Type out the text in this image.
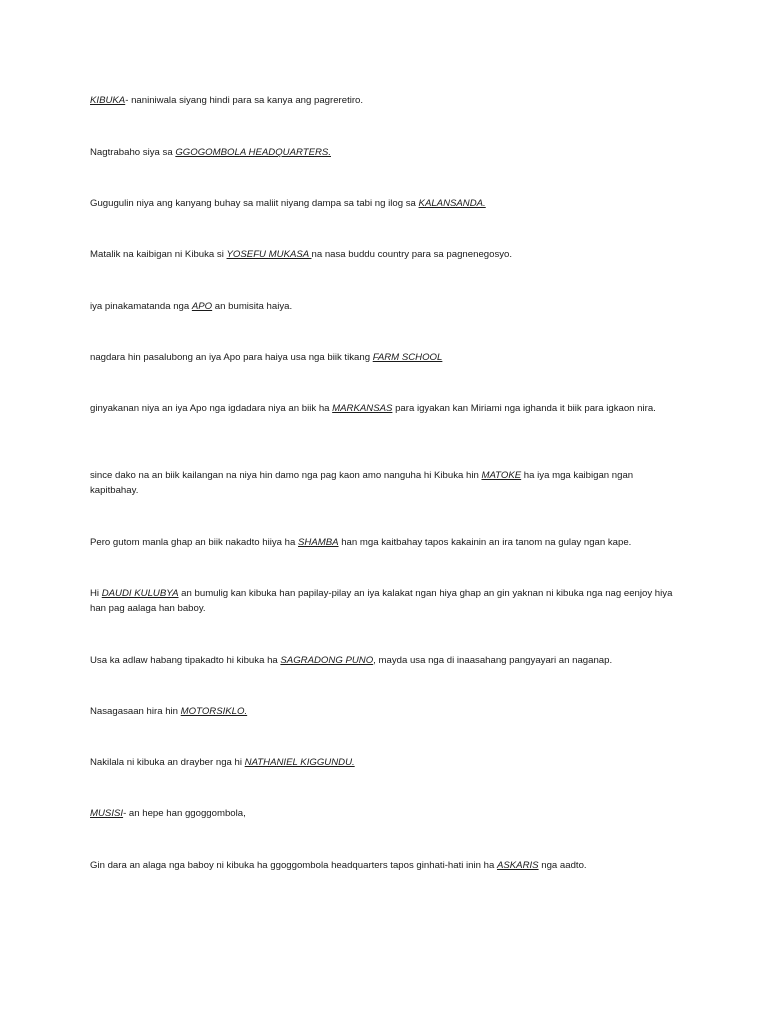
KIBUKA- naniniwala siyang hindi para sa kanya ang pagreretiro.

Nagtrabaho siya sa GGOGOMBOLA HEADQUARTERS.

Gugugulin niya ang kanyang buhay sa maliit niyang dampa sa tabi ng ilog sa KALANSANDA.

Matalik na kaibigan ni Kibuka si YOSEFU MUKASA na nasa buddu country para sa pagnenegosyo.

iya pinakamatanda nga APO an bumisita haiya.

nagdara hin pasalubong an iya Apo para haiya usa nga biik tikang FARM SCHOOL

ginyakanan niya an iya Apo nga igdadara niya an biik ha MARKANSAS para igyakan kan Miriami nga ighanda it biik para igkaon nira.

since dako na an biik kailangan na niya hin damo nga pag kaon amo nanguha hi Kibuka hin MATOKE ha iya mga kaibigan ngan kapitbahay.

Pero gutom manla ghap an biik nakadto hiiya ha SHAMBA han mga kaitbahay tapos kakainin an ira tanom na gulay ngan kape.

Hi DAUDI KULUBYA an bumulig kan kibuka han papilay-pilay an iya kalakat ngan hiya ghap an gin yaknan ni kibuka nga nag eenjoy hiya han pag aalaga han baboy.

Usa ka adlaw habang tipakadto hi kibuka ha SAGRADONG PUNO, mayda usa nga di inaasahang pangyayari an naganap.

Nasagasaan hira hin MOTORSIKLO.

Nakilala ni kibuka an drayber nga hi NATHANIEL KIGGUNDU.

MUSISI- an hepe han ggoggombola,

Gin dara an alaga nga baboy ni kibuka ha ggoggombola headquarters tapos ginhati-hati inin ha ASKARIS nga aadto.
